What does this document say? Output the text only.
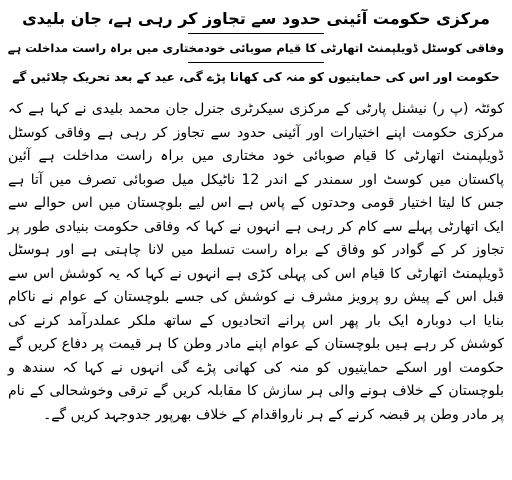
مرکزی حکومت آئینی حدود سے تجاوز کر رہی ہے، جان بلیدی
وفاقی کوسٹل ڈویلپمنٹ اتھارٹی کا قیام صوبائی خودمختاری میں براہ راست مداخلت ہے
حکومت اور اس کی حمایتیوں کو منہ کی کھانا پڑے گی، عید کے بعد تحریک چلائیں گے

کوئٹہ (پ ر) نیشنل پارٹی کے مرکزی سیکرٹری جنرل جان محمد بلیدی نے کہا ہے کہ مرکزی حکومت اپنے اختیارات اور آئینی حدود سے تجاوز کر رہی ہے وفاقی کوسٹل ڈویلپمنٹ اتھارٹی کا قیام صوبائی خود مختاری میں براہ راست مداخلت ہے آئین پاکستان میں کوسٹ اور سمندر کے اندر 12 ناٹیکل میل صوبائی تصرف میں آتا ہے جس کا لیتا اختیار قومی وحدتوں کے پاس ہے اس لیے بلوچستان میں اس حوالے سے ایک اتھارٹی پہلے سے کام کر رہی ہے انہوں نے کہا کہ وفاقی حکومت بنیادی طور پر تجاوز کر کے گوادر کو وفاق کے براہ راست تسلط میں لانا چاہتی ہے اور ہوسٹل ڈویلپمنٹ اتھارٹی کا قیام اس کی پہلی کڑی ہے انہوں نے کہا کہ یہ کوشش اس سے قبل اس کے پیش رو پرویز مشرف نے کوشش کی جسے بلوچستان کے عوام نے ناکام بنایا اب دوبارہ ایک بار پھر اس پرانے اتحادیوں کے ساتھ ملکر عملدرآمد کرنے کی کوشش کر رہے ہیں بلوچستان کے عوام اپنے مادر وطن کا ہر قیمت پر دفاع کریں گے حکومت اور اسکے حمایتیوں کو منہ کی کھانی پڑے گی انہوں نے کہا کہ سندھ و بلوچستان کے خلاف ہونے والی ہر سازش کا مقابلہ کریں گے ترقی وخوشحالی کے نام پر مادر وطن پر قبضہ کرنے کے ہر نارواقدام کے خلاف بھرپور جدوجہد کریں گے۔
